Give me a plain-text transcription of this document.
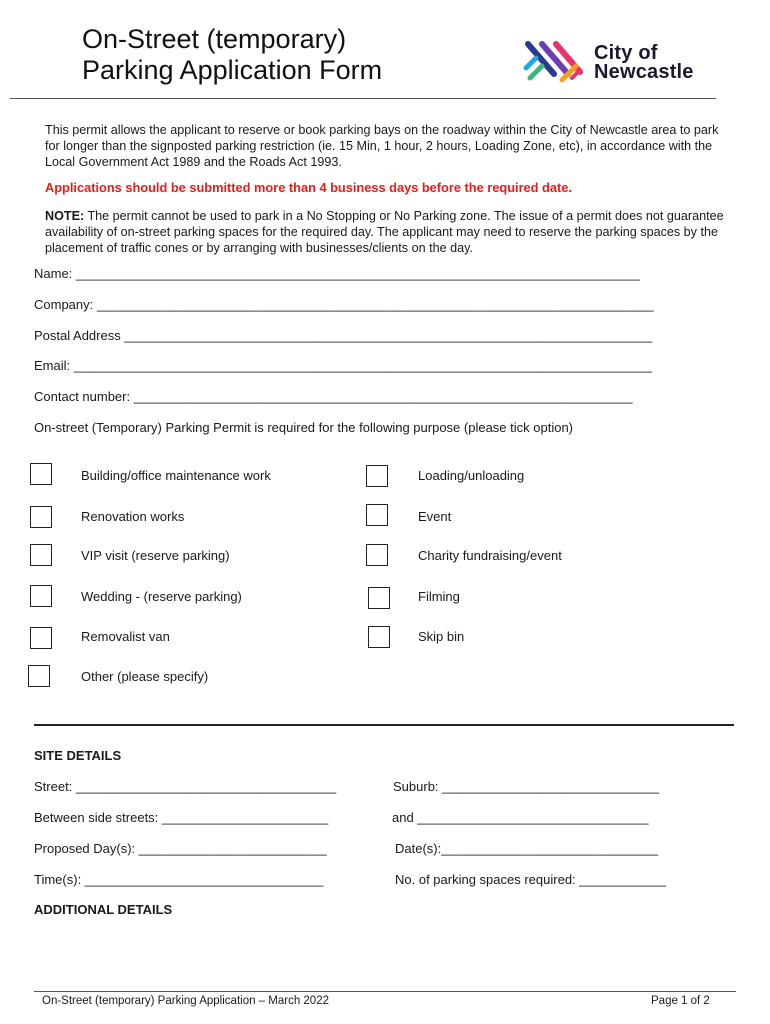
On-Street (temporary)
Parking Application Form
City of
Newcastle
This permit allows the applicant to reserve or book parking bays on the roadway within the City of Newcastle area to park for longer than the signposted parking restriction (ie. 15 Min, 1 hour, 2 hours, Loading Zone, etc), in accordance with the Local Government Act 1989 and the Roads Act 1993.
Applications should be submitted more than 4 business days before the required date.
NOTE: The permit cannot be used to park in a No Stopping or No Parking zone. The issue of a permit does not guarantee availability of on-street parking spaces for the required day. The applicant may need to reserve the parking spaces by the placement of traffic cones or by arranging with businesses/clients on the day.
Name: ______________________________________________________________________________
Company: _____________________________________________________________________________
Postal Address _________________________________________________________________________
Email: ________________________________________________________________________________
Contact number: _____________________________________________________________________
On-street (Temporary) Parking Permit is required for the following purpose (please tick option)
Building/office maintenance work
Renovation works
VIP visit (reserve parking)
Wedding - (reserve parking)
Removalist van
Other (please specify)
Loading/unloading
Event
Charity fundraising/event
Filming
Skip bin
SITE DETAILS
Street: ____________________________________	Suburb: ______________________________
Between side streets: _______________________	and ________________________________
Proposed Day(s): __________________________	Date(s):______________________________
Time(s): _________________________________	No. of parking spaces required: ____________
ADDITIONAL DETAILS
On-Street (temporary) Parking Application – March 2022	Page 1 of 2
